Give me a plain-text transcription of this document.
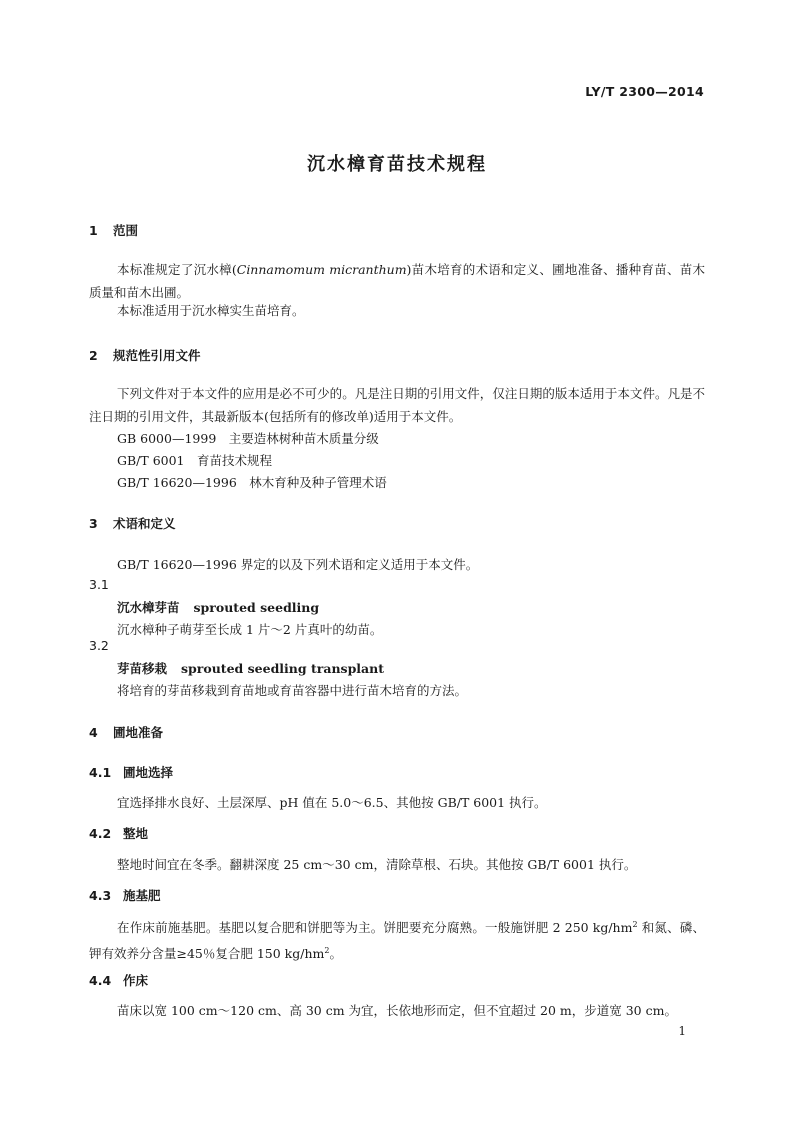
LY/T 2300—2014
沉水樟育苗技术规程
1 范围

本标准规定了沉水樟(Cinnamomum micranthum)苗木培育的术语和定义、圃地准备、播种育苗、苗木质量和苗木出圃。

本标准适用于沉水樟实生苗培育。

2 规范性引用文件

下列文件对于本文件的应用是必不可少的。凡是注日期的引用文件，仅注日期的版本适用于本文件。凡是不注日期的引用文件，其最新版本(包括所有的修改单)适用于本文件。

GB 6000—1999　主要造林树种苗木质量分级
GB/T 6001　育苗技术规程
GB/T 16620—1996　林木育种及种子管理术语
3 术语和定义
GB/T 16620—1996 界定的以及下列术语和定义适用于本文件。
3.1
沉水樟芽苗 sprouted seedling
沉水樟种子萌芽至长成 1 片～2 片真叶的幼苗。
3.2
芽苗移栽 sprouted seedling transplant
将培育的芽苗移栽到育苗地或育苗容器中进行苗木培育的方法。
4 圃地准备
4.1 圃地选择
宜选择排水良好、土层深厚、pH 值在 5.0～6.5、其他按 GB/T 6001 执行。
4.2 整地
整地时间宜在冬季。翻耕深度 25 cm～30 cm，清除草根、石块。其他按 GB/T 6001 执行。
4.3 施基肥

在作床前施基肥。基肥以复合肥和饼肥等为主。饼肥要充分腐熟。一般施饼肥 2 250 $kg/hm^2$ 和氮、磷、钾有效养分含量≥45％复合肥 150 $kg/hm^2$。

4.4 作床
苗床以宽 100 cm～120 cm、高 30 cm 为宜，长依地形而定，但不宜超过 20 m，步道宽 30 cm。
1
